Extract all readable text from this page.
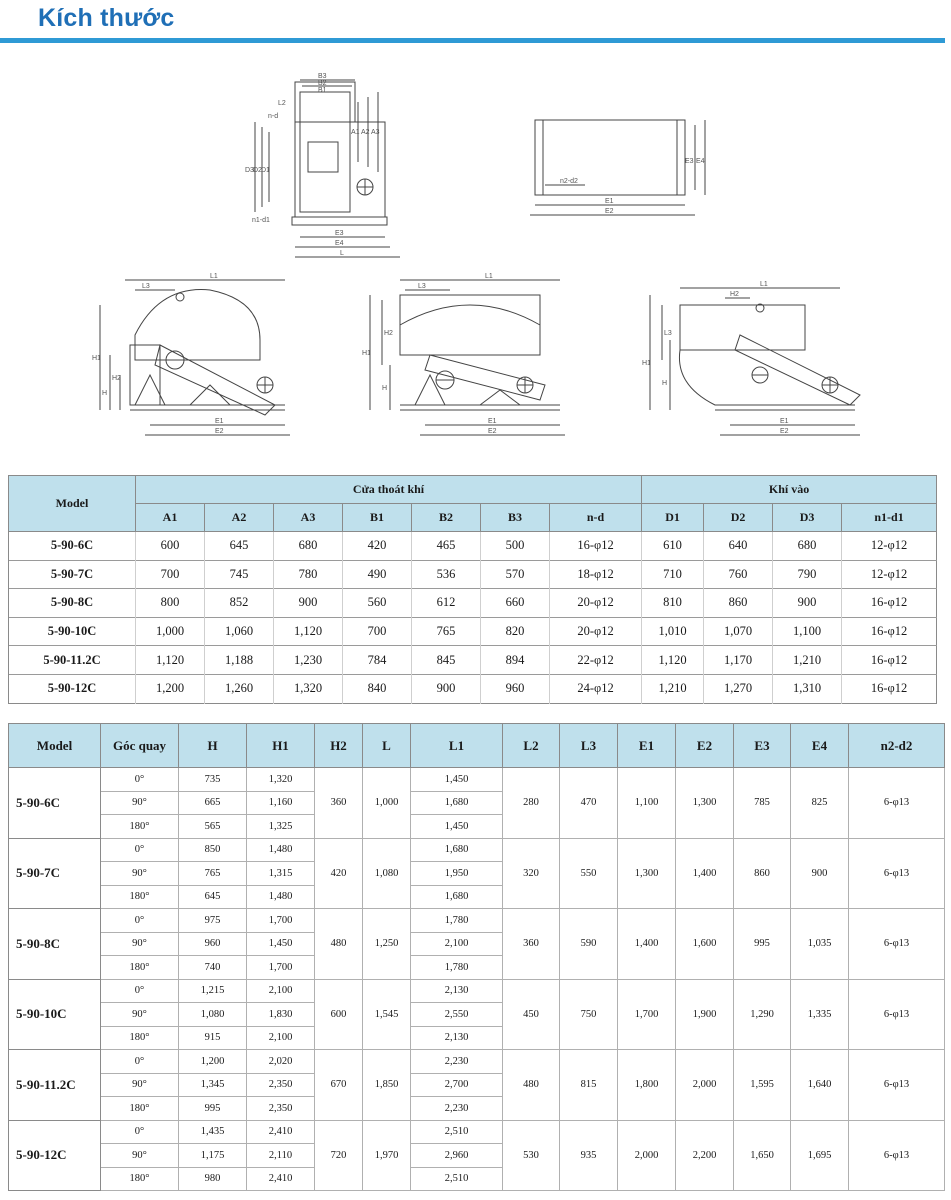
Kích thước
B3
B2
B1
L2
n-d
A1 A2 A3
D3 D2 D1
n1-d1
E3
E4
L
n2-d2
E1
E2
E3 E4
L1
L3
H1
H2
H
E1
E2
L1
L3
H2
H1
H
E1
E2
L1
H2
L3
H1
H
E1
E2
Model	Cửa thoát khí							Khí vào			
	A1	A2	A3	B1	B2	B3	n-d	D1	D2	D3	n1-d1
5-90-6C	600	645	680	420	465	500	16-φ12	610	640	680	12-φ12
5-90-7C	700	745	780	490	536	570	18-φ12	710	760	790	12-φ12
5-90-8C	800	852	900	560	612	660	20-φ12	810	860	900	16-φ12
5-90-10C	1,000	1,060	1,120	700	765	820	20-φ12	1,010	1,070	1,100	16-φ12
5-90-11.2C	1,120	1,188	1,230	784	845	894	22-φ12	1,120	1,170	1,210	16-φ12
5-90-12C	1,200	1,260	1,320	840	900	960	24-φ12	1,210	1,270	1,310	16-φ12
Model	Góc quay	H	H1	H2	L	L1	L2	L3	E1	E2	E3	E4	n2-d2
5-90-6C	0°	735	1,320	360	1,000	1,450	280	470	1,100	1,300	785	825	6-φ13
	90°	665	1,160			1,680							
	180°	565	1,325			1,450							
5-90-7C	0°	850	1,480	420	1,080	1,680	320	550	1,300	1,400	860	900	6-φ13
	90°	765	1,315			1,950							
	180°	645	1,480			1,680							
5-90-8C	0°	975	1,700	480	1,250	1,780	360	590	1,400	1,600	995	1,035	6-φ13
	90°	960	1,450			2,100							
	180°	740	1,700			1,780							
5-90-10C	0°	1,215	2,100	600	1,545	2,130	450	750	1,700	1,900	1,290	1,335	6-φ13
	90°	1,080	1,830			2,550							
	180°	915	2,100			2,130							
5-90-11.2C	0°	1,200	2,020	670	1,850	2,230	480	815	1,800	2,000	1,595	1,640	6-φ13
	90°	1,345	2,350			2,700							
	180°	995	2,350			2,230							
5-90-12C	0°	1,435	2,410	720	1,970	2,510	530	935	2,000	2,200	1,650	1,695	6-φ13
	90°	1,175	2,110			2,960							
	180°	980	2,410			2,510							
